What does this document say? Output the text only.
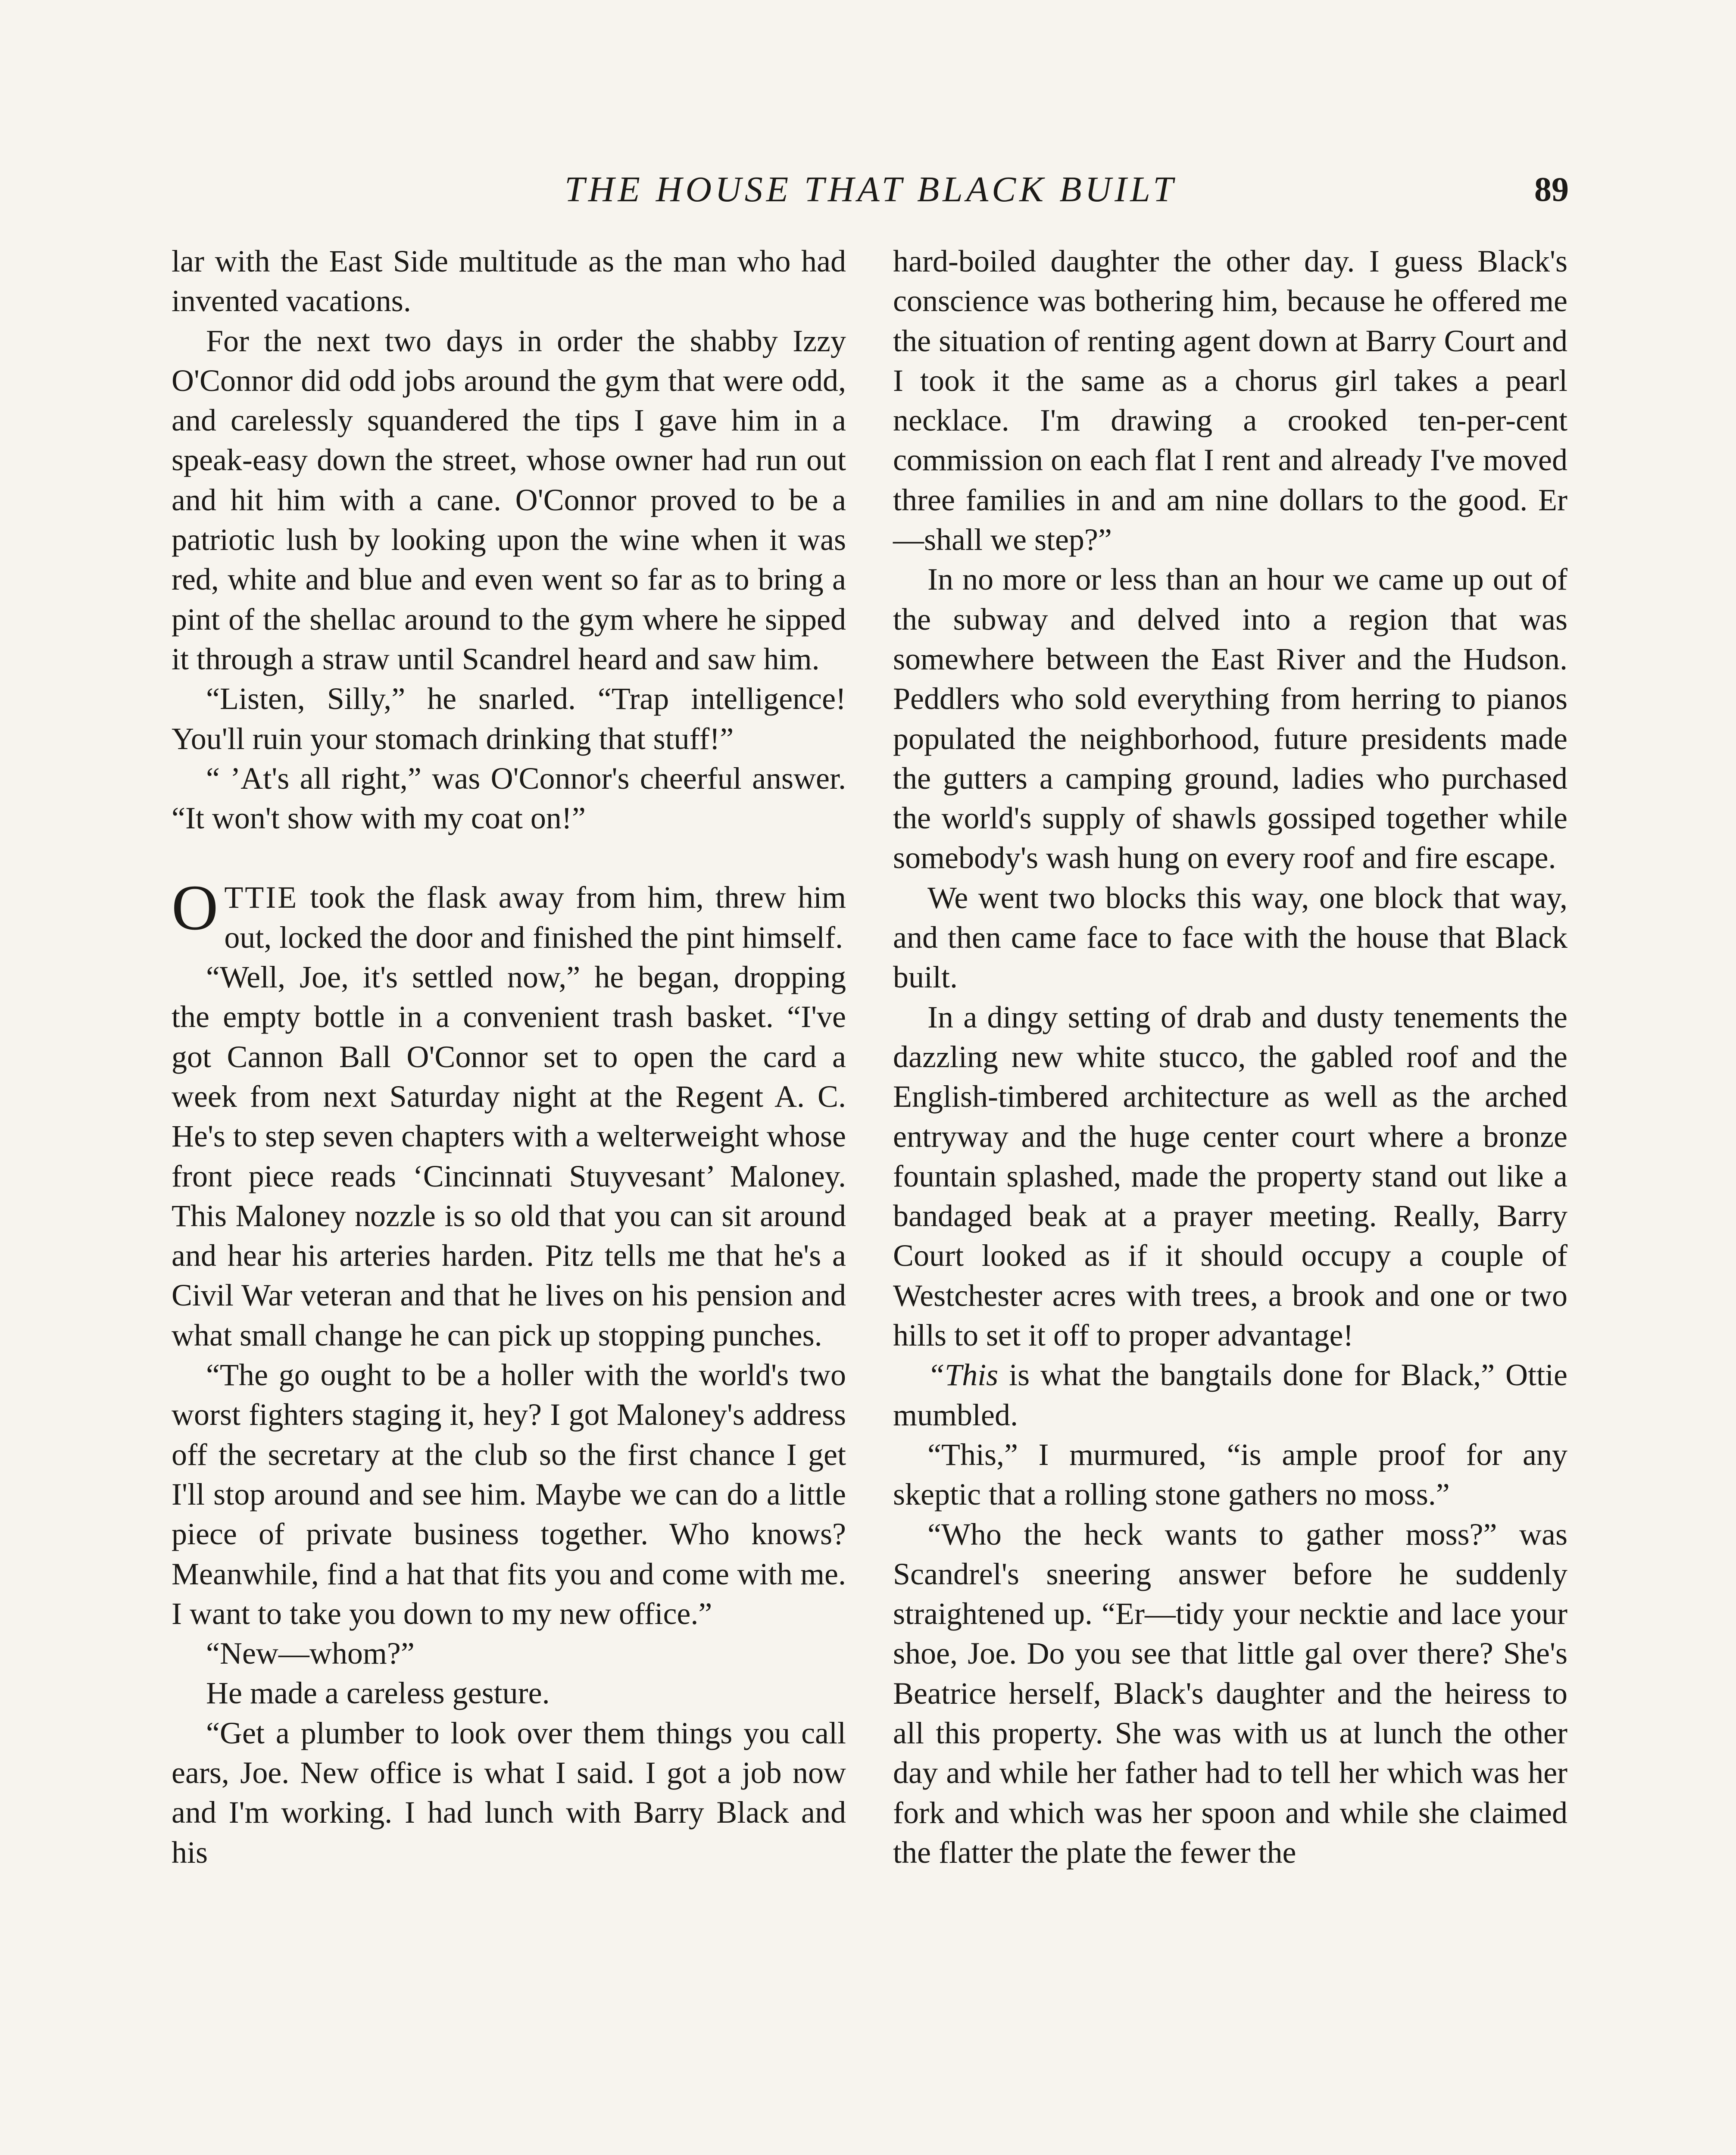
THE HOUSE THAT BLACK BUILT	89

lar with the East Side multitude as the man who had invented vacations.

For the next two days in order the shabby Izzy O'Connor did odd jobs around the gym that were odd, and carelessly squandered the tips I gave him in a speak-easy down the street, whose owner had run out and hit him with a cane. O'Connor proved to be a patriotic lush by looking upon the wine when it was red, white and blue and even went so far as to bring a pint of the shellac around to the gym where he sipped it through a straw until Scandrel heard and saw him.

“Listen, Silly,” he snarled. “Trap intelligence! You'll ruin your stomach drinking that stuff!”

“ ’At's all right,” was O'Connor's cheerful answer. “It won't show with my coat on!”

OTTIE took the flask away from him, threw him out, locked the door and finished the pint himself.

“Well, Joe, it's settled now,” he began, dropping the empty bottle in a convenient trash basket. “I've got Cannon Ball O'Connor set to open the card a week from next Saturday night at the Regent A. C. He's to step seven chapters with a welterweight whose front piece reads ‘Cincinnati Stuyvesant’ Maloney. This Maloney nozzle is so old that you can sit around and hear his arteries harden. Pitz tells me that he's a Civil War veteran and that he lives on his pension and what small change he can pick up stopping punches.

“The go ought to be a holler with the world's two worst fighters staging it, hey? I got Maloney's address off the secretary at the club so the first chance I get I'll stop around and see him. Maybe we can do a little piece of private business together. Who knows? Meanwhile, find a hat that fits you and come with me. I want to take you down to my new office.”

“New—whom?”

He made a careless gesture.

“Get a plumber to look over them things you call ears, Joe. New office is what I said. I got a job now and I'm working. I had lunch with Barry Black and his

hard-boiled daughter the other day. I guess Black's conscience was bothering him, because he offered me the situation of renting agent down at Barry Court and I took it the same as a chorus girl takes a pearl necklace. I'm drawing a crooked ten-per-cent commission on each flat I rent and already I've moved three families in and am nine dollars to the good. Er—shall we step?”

In no more or less than an hour we came up out of the subway and delved into a region that was somewhere between the East River and the Hudson. Peddlers who sold everything from herring to pianos populated the neighborhood, future presidents made the gutters a camping ground, ladies who purchased the world's supply of shawls gossiped together while somebody's wash hung on every roof and fire escape.

We went two blocks this way, one block that way, and then came face to face with the house that Black built.

In a dingy setting of drab and dusty tenements the dazzling new white stucco, the gabled roof and the English-timbered architecture as well as the arched entryway and the huge center court where a bronze fountain splashed, made the property stand out like a bandaged beak at a prayer meeting. Really, Barry Court looked as if it should occupy a couple of Westchester acres with trees, a brook and one or two hills to set it off to proper advantage!

“This is what the bangtails done for Black,” Ottie mumbled.

“This,” I murmured, “is ample proof for any skeptic that a rolling stone gathers no moss.”

“Who the heck wants to gather moss?” was Scandrel's sneering answer before he suddenly straightened up. “Er—tidy your necktie and lace your shoe, Joe. Do you see that little gal over there? She's Beatrice herself, Black's daughter and the heiress to all this property. She was with us at lunch the other day and while her father had to tell her which was her fork and which was her spoon and while she claimed the flatter the plate the fewer the
